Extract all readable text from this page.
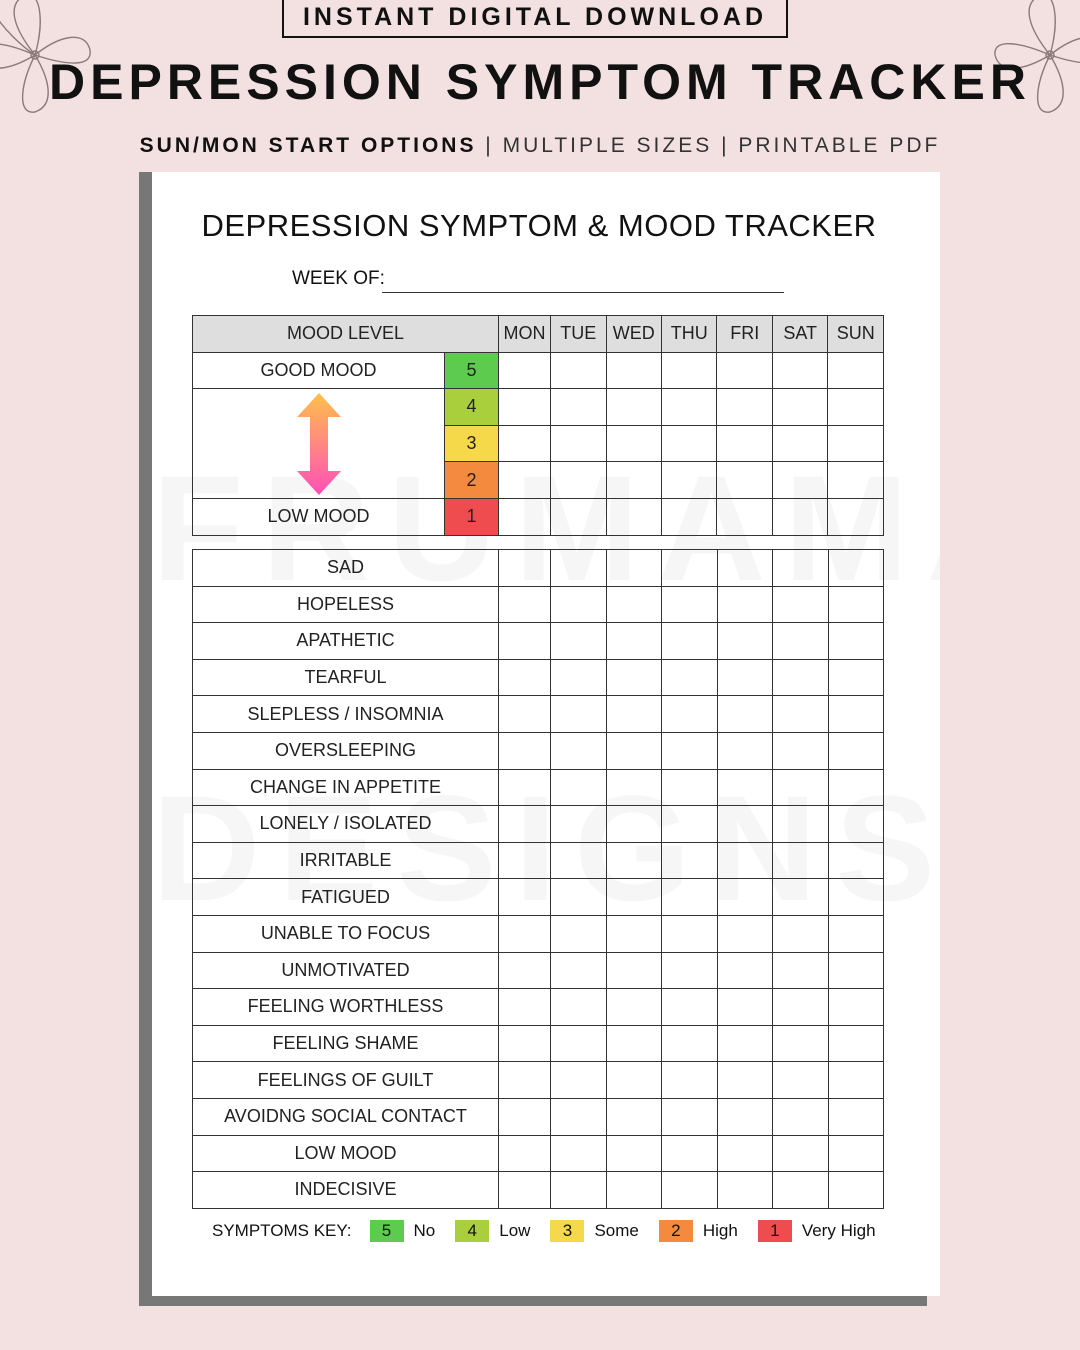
INSTANT DIGITAL DOWNLOAD
DEPRESSION SYMPTOM TRACKER
SUN/MON START OPTIONS | MULTIPLE SIZES | PRINTABLE PDF
DEPRESSION SYMPTOM & MOOD TRACKER
WEEK OF:
MOOD LEVEL		MON	TUE	WED	THU	FRI	SAT	SUN
GOOD MOOD	5							

	4							
	3							
	2							
LOW MOOD	1							
SAD							
HOPELESS							
APATHETIC							
TEARFUL							
SLEPLESS / INSOMNIA							
OVERSLEEPING							
CHANGE IN APPETITE							
LONELY / ISOLATED							
IRRITABLE							
FATIGUED							
UNABLE TO FOCUS							
UNMOTIVATED							
FEELING WORTHLESS							
FEELING SHAME							
FEELINGS OF GUILT							
AVOIDNG SOCIAL CONTACT							
LOW MOOD							
INDECISIVE							
SYMPTOMS KEY:	5	No	4	Low	3	Some	2	High	1	Very High
